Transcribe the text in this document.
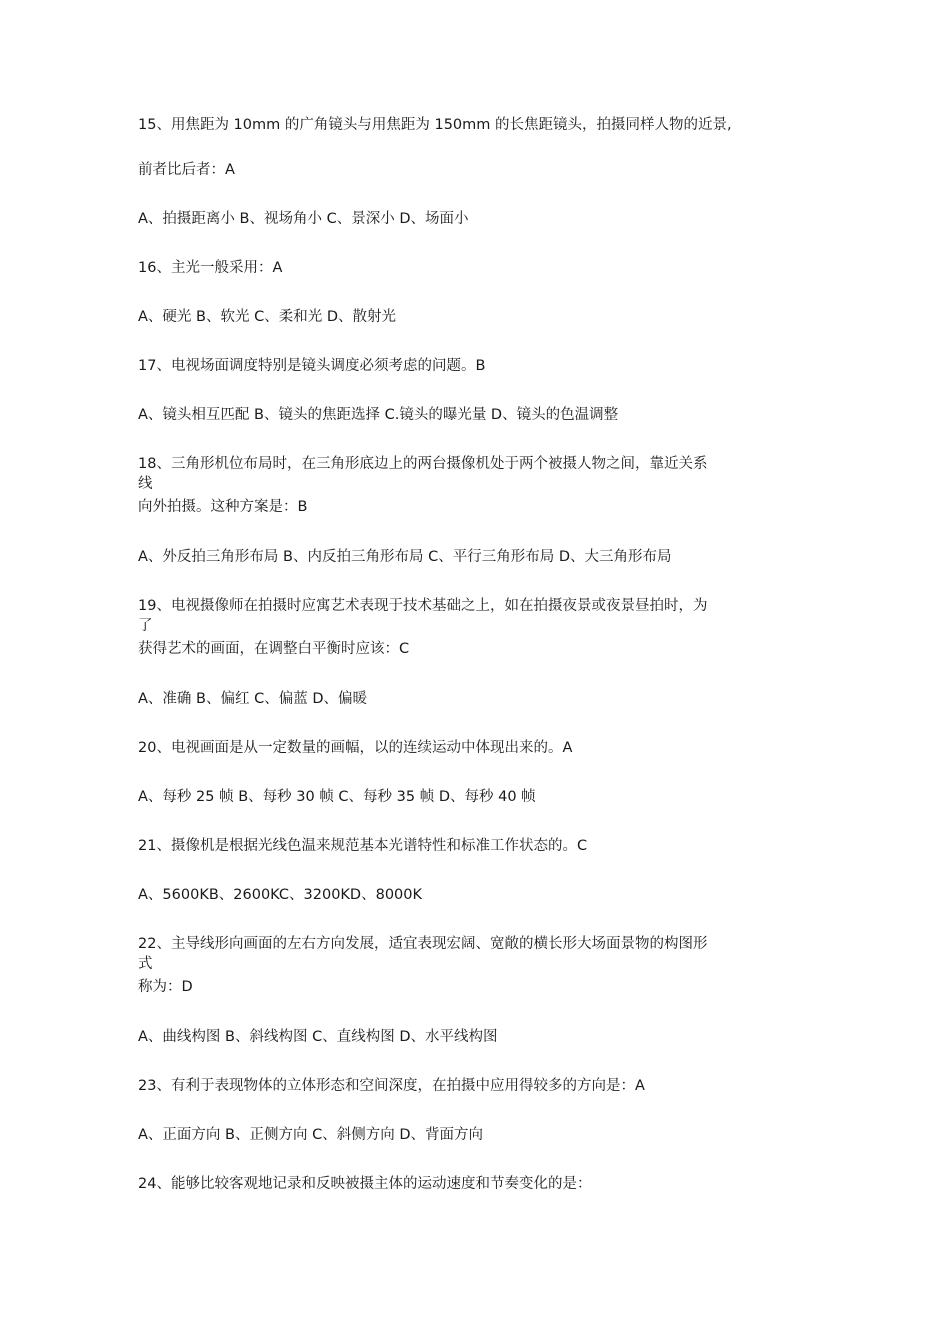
15、用焦距为 10mm 的广角镜头与用焦距为 150mm 的长焦距镜头，拍摄同样人物的近景,
前者比后者：A
A、拍摄距离小 B、视场角小 C、景深小 D、场面小
16、主光一般采用：A
A、硬光 B、软光 C、柔和光 D、散射光
17、电视场面调度特别是镜头调度必须考虑的问题。B
A、镜头相互匹配 B、镜头的焦距选择 C.镜头的曝光量 D、镜头的色温调整
18、三角形机位布局时，在三角形底边上的两台摄像机处于两个被摄人物之间，靠近关系
线
向外拍摄。这种方案是：B
A、外反拍三角形布局 B、内反拍三角形布局 C、平行三角形布局 D、大三角形布局
19、电视摄像师在拍摄时应寓艺术表现于技术基础之上，如在拍摄夜景或夜景昼拍时，为
了
获得艺术的画面，在调整白平衡时应该：C
A、准确 B、偏红 C、偏蓝 D、偏暖
20、电视画面是从一定数量的画幅，以的连续运动中体现出来的。A
A、每秒 25 帧 B、每秒 30 帧 C、每秒 35 帧 D、每秒 40 帧
21、摄像机是根据光线色温来规范基本光谱特性和标准工作状态的。C
A、5600KB、2600KC、3200KD、8000K
22、主导线形向画面的左右方向发展，适宜表现宏阔、宽敞的横长形大场面景物的构图形
式
称为：D
A、曲线构图 B、斜线构图 C、直线构图 D、水平线构图
23、有利于表现物体的立体形态和空间深度，在拍摄中应用得较多的方向是：A
A、正面方向 B、正侧方向 C、斜侧方向 D、背面方向
24、能够比较客观地记录和反映被摄主体的运动速度和节奏变化的是：
